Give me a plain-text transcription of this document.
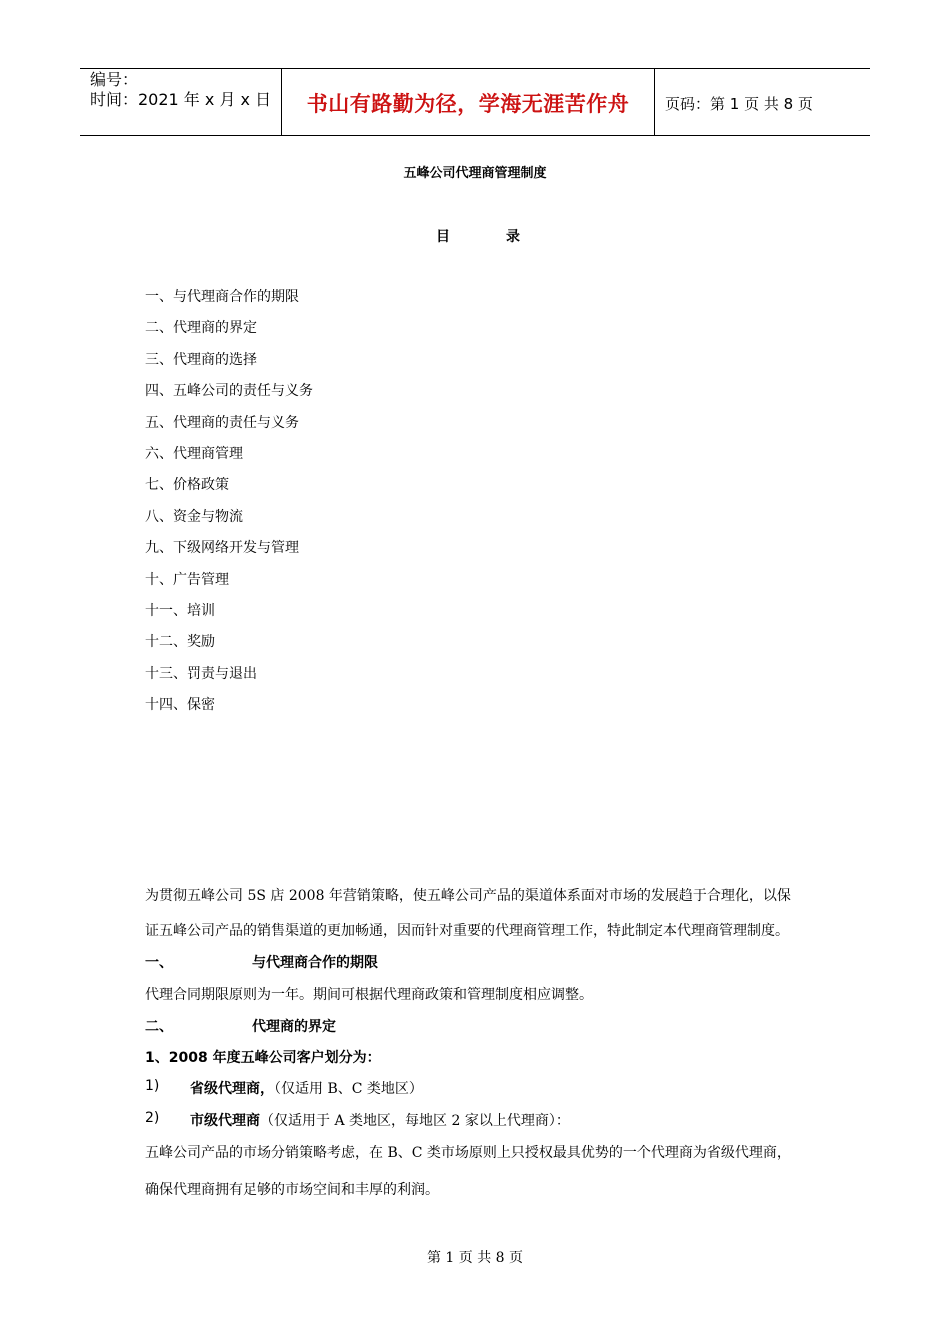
编号：
时间：2021 年 x 月 x 日	书山有路勤为径，学海无涯苦作舟	页码：第 1 页 共 8 页
五峰公司代理商管理制度
目录
一、与代理商合作的期限
二、代理商的界定
三、代理商的选择
四、五峰公司的责任与义务
五、代理商的责任与义务
六、代理商管理
七、价格政策
八、资金与物流
九、下级网络开发与管理
十、广告管理
十一、培训
十二、奖励
十三、罚责与退出
十四、保密
为贯彻五峰公司 5S 店 2008 年营销策略，使五峰公司产品的渠道体系面对市场的发展趋于合理化，以保
证五峰公司产品的销售渠道的更加畅通，因而针对重要的代理商管理工作，特此制定本代理商管理制度。
一、	与代理商合作的期限
代理合同期限原则为一年。期间可根据代理商政策和管理制度相应调整。
二、	代理商的界定
1、2008 年度五峰公司客户划分为：
1) 省级代理商，（仅适用 B、C 类地区）
2) 市级代理商（仅适用于 A 类地区，每地区 2 家以上代理商）：
五峰公司产品的市场分销策略考虑，在 B、C 类市场原则上只授权最具优势的一个代理商为省级代理商，
确保代理商拥有足够的市场空间和丰厚的利润。
第 1 页 共 8 页
